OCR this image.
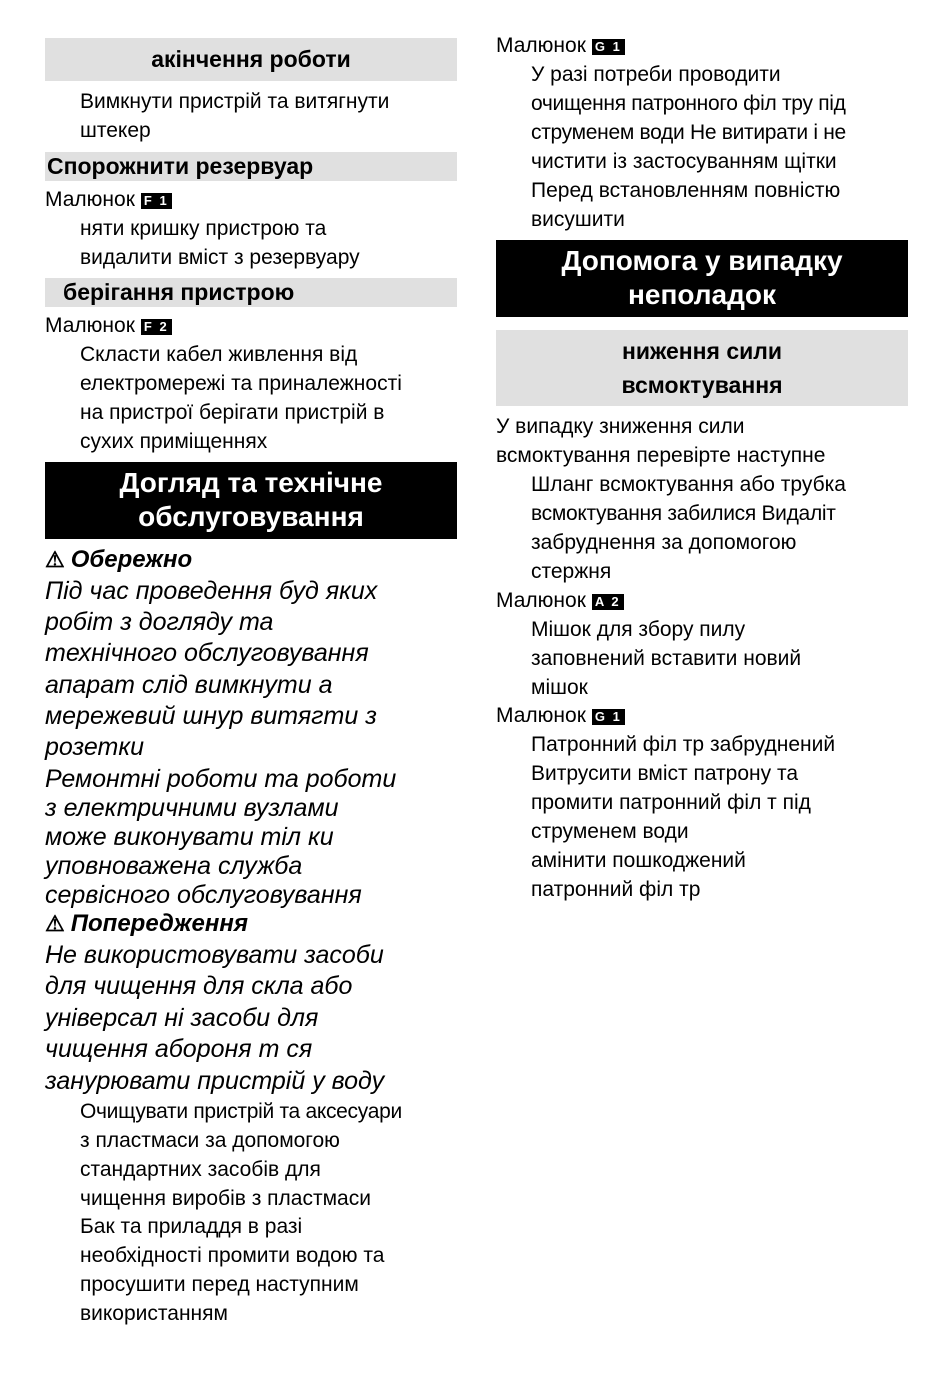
акінчення роботи
Вимкнути пристрій та витягнути
штекер
Спорожнити резервуар
Малюнок F 1
няти кришку пристрою та
видалити вміст з резервуару
берігання пристрою
Малюнок F 2
Скласти кабел живлення від
електромережі та приналежності
на пристрої берігати пристрій в
сухих приміщеннях
Догляд та технічне
обслуговування
⚠ Обережно
Під час проведення буд яких
робіт з догляду та
технічного обслуговування
апарат слід вимкнути а
мережевий шнур витягти з
розетки
Ремонтні роботи та роботи
з електричними вузлами
може виконувати тіл ки
уповноважена служба
сервісного обслуговування
⚠ Попередження
Не використовувати засоби
для чищення для скла або
універсал ні засоби для
чищення абороня т ся
занурювати пристрій у воду
Очищувати пристрій та аксесуари
з пластмаси за допомогою
стандартних засобів для
чищення виробів з пластмаси
Бак та приладдя в разі
необхідності промити водою та
просушити перед наступним
використанням
Малюнок G 1
У разі потреби проводити
очищення патронного філ тру під
струменем води Не витирати і не
чистити із застосуванням щітки
Перед встановленням повністю
висушити
Допомога у випадку
неполадок
ниження сили
всмоктування
У випадку зниження сили
всмоктування перевірте наступне
Шланг всмоктування або трубка
всмоктування забилися Видаліт
забруднення за допомогою
стержня
Малюнок A 2
Мішок для збору пилу
заповнений вставити новий
мішок
Малюнок G 1
Патронний філ тр забруднений
Витрусити вміст патрону та
промити патронний філ т під
струменем води
амінити пошкоджений
патронний філ тр
